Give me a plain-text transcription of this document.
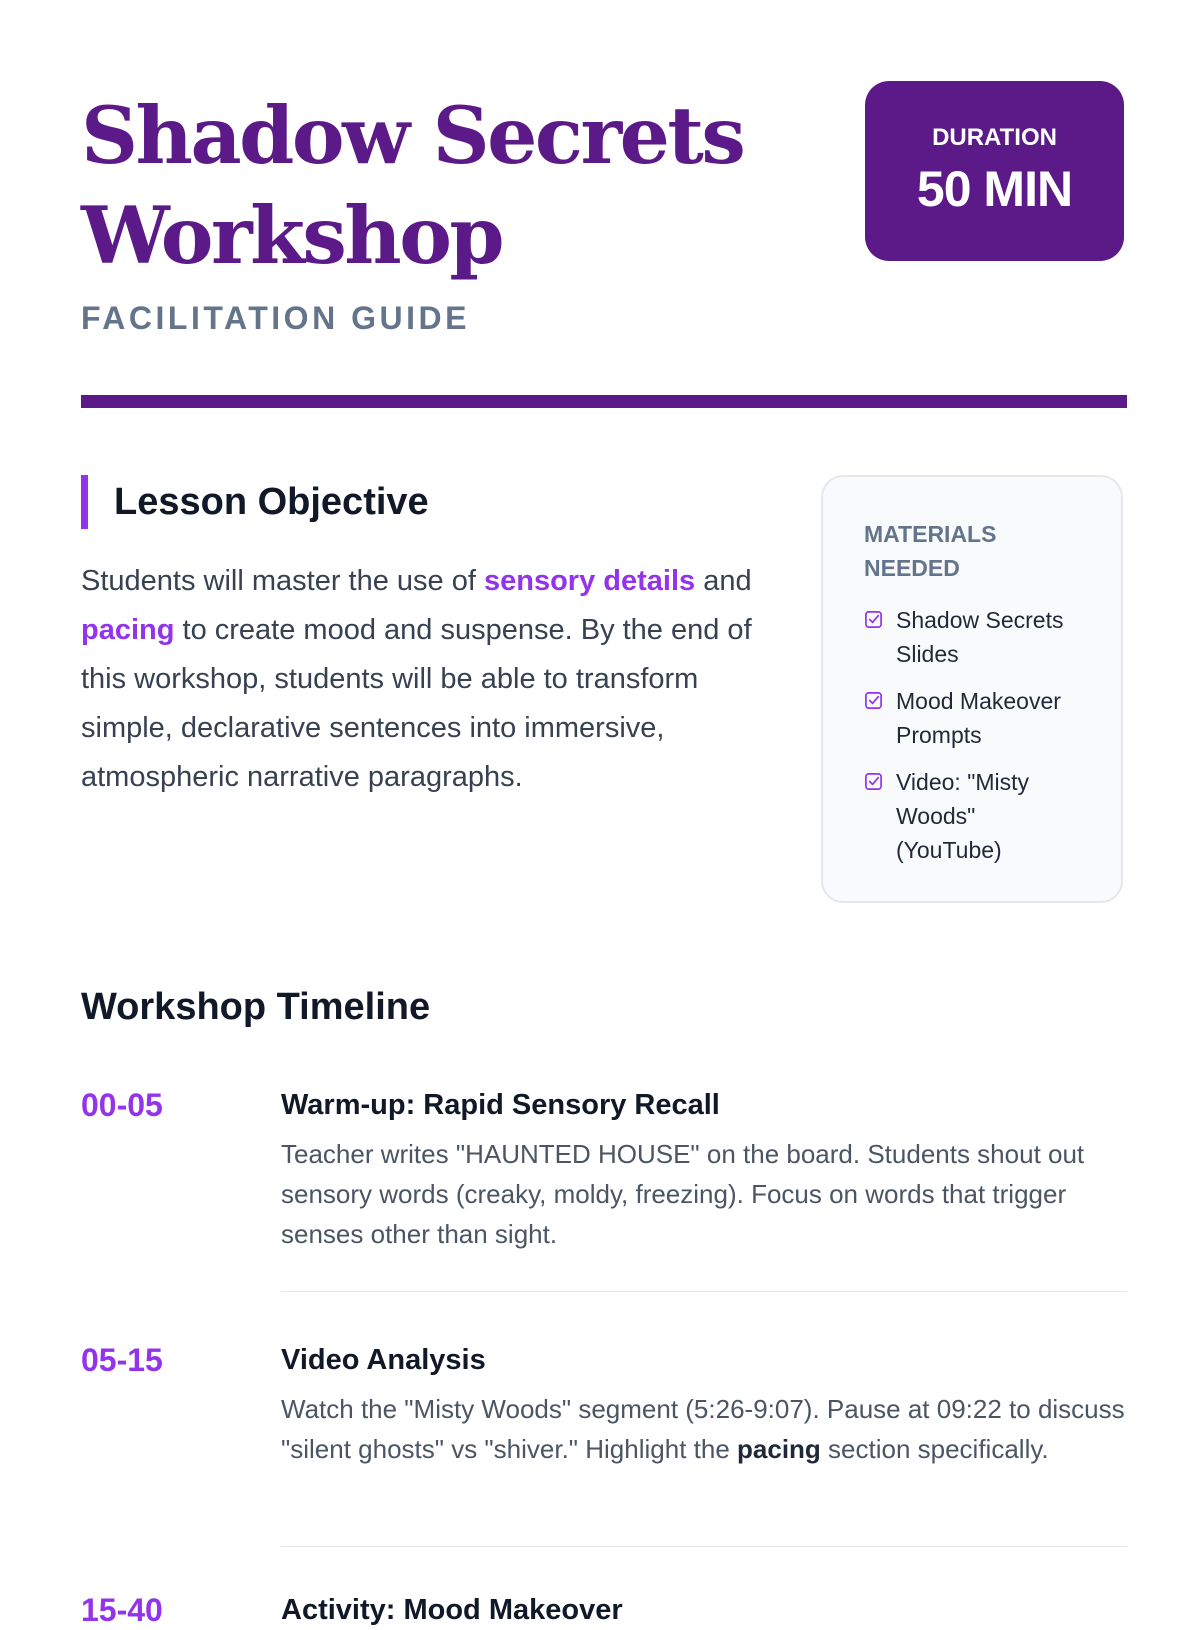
Shadow Secrets Workshop
FACILITATION GUIDE
DURATION
50 MIN
Lesson Objective

Students will master the use of sensory details and pacing to create mood and suspense. By the end of this workshop, students will be able to transform simple, declarative sentences into immersive, atmospheric narrative paragraphs.

MATERIALS NEEDED
Shadow Secrets Slides
Mood Makeover Prompts
Video: "Misty Woods" (YouTube)
Workshop Timeline
00-05	Warm-up: Rapid Sensory Recall
Teacher writes "HAUNTED HOUSE" on the board. Students shout out sensory words (creaky, moldy, freezing). Focus on words that trigger senses other than sight.
05-15	Video Analysis
Watch the "Misty Woods" segment (5:26-9:07). Pause at 09:22 to discuss "silent ghosts" vs "shiver." Highlight the pacing section specifically.
15-40	Activity: Mood Makeover
